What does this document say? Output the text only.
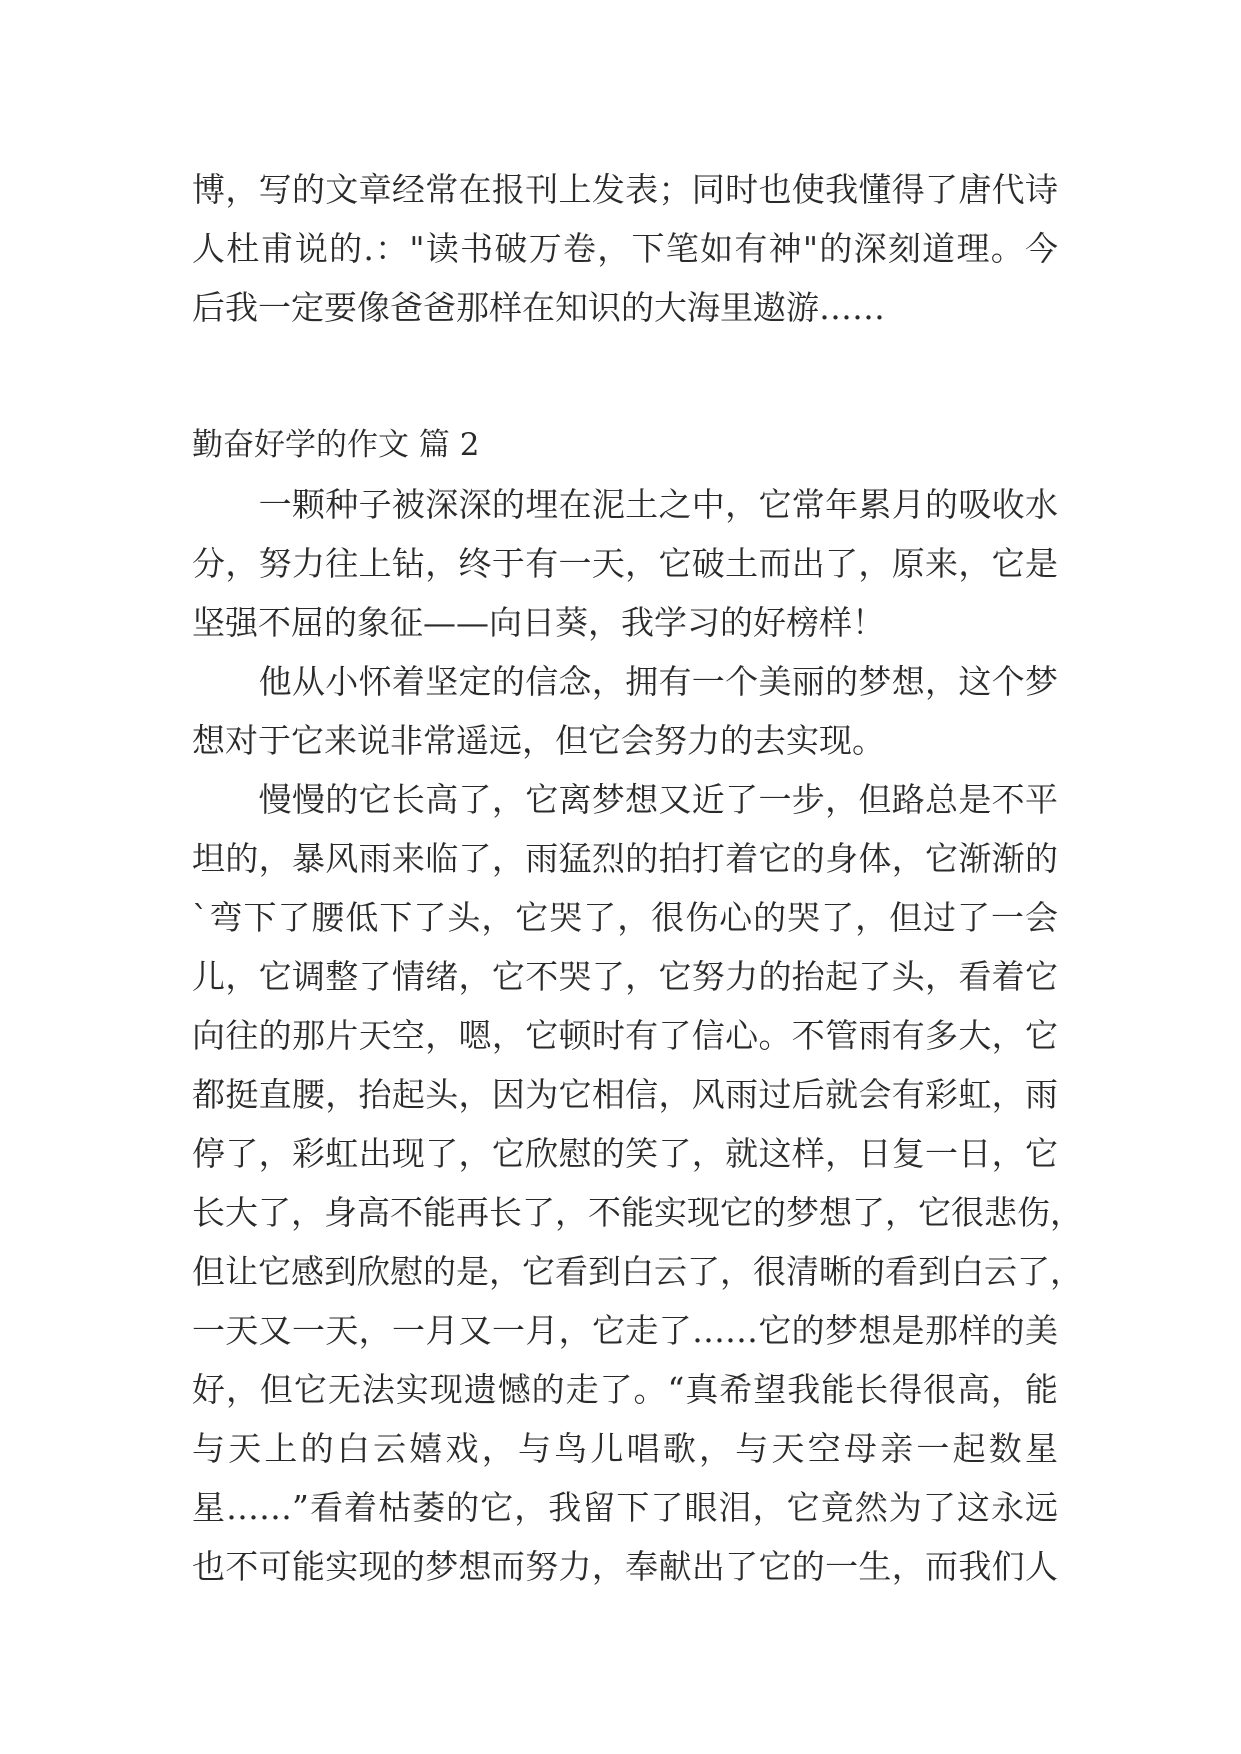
博，写的文章经常在报刊上发表；同时也使我懂得了唐代诗
人杜甫说的.："读书破万卷，下笔如有神"的深刻道理。今
后我一定要像爸爸那样在知识的大海里遨游……
勤奋好学的作文 篇 2
　　一颗种子被深深的埋在泥土之中，它常年累月的吸收水
分，努力往上钻，终于有一天，它破土而出了，原来，它是
坚强不屈的象征——向日葵，我学习的好榜样！
　　他从小怀着坚定的信念，拥有一个美丽的梦想，这个梦
想对于它来说非常遥远，但它会努力的去实现。
　　慢慢的它长高了，它离梦想又近了一步，但路总是不平
坦的，暴风雨来临了，雨猛烈的拍打着它的身体，它渐渐的
`弯下了腰低下了头，它哭了，很伤心的哭了，但过了一会
儿，它调整了情绪，它不哭了，它努力的抬起了头，看着它
向往的那片天空，嗯，它顿时有了信心。不管雨有多大，它
都挺直腰，抬起头，因为它相信，风雨过后就会有彩虹，雨
停了，彩虹出现了，它欣慰的笑了，就这样，日复一日，它
长大了，身高不能再长了，不能实现它的梦想了，它很悲伤，
但让它感到欣慰的是，它看到白云了，很清晰的看到白云了，
一天又一天，一月又一月，它走了……它的梦想是那样的美
好，但它无法实现遗憾的走了。“真希望我能长得很高，能
与天上的白云嬉戏，与鸟儿唱歌，与天空母亲一起数星
星……”看着枯萎的它，我留下了眼泪，它竟然为了这永远
也不可能实现的梦想而努力，奉献出了它的一生，而我们人
